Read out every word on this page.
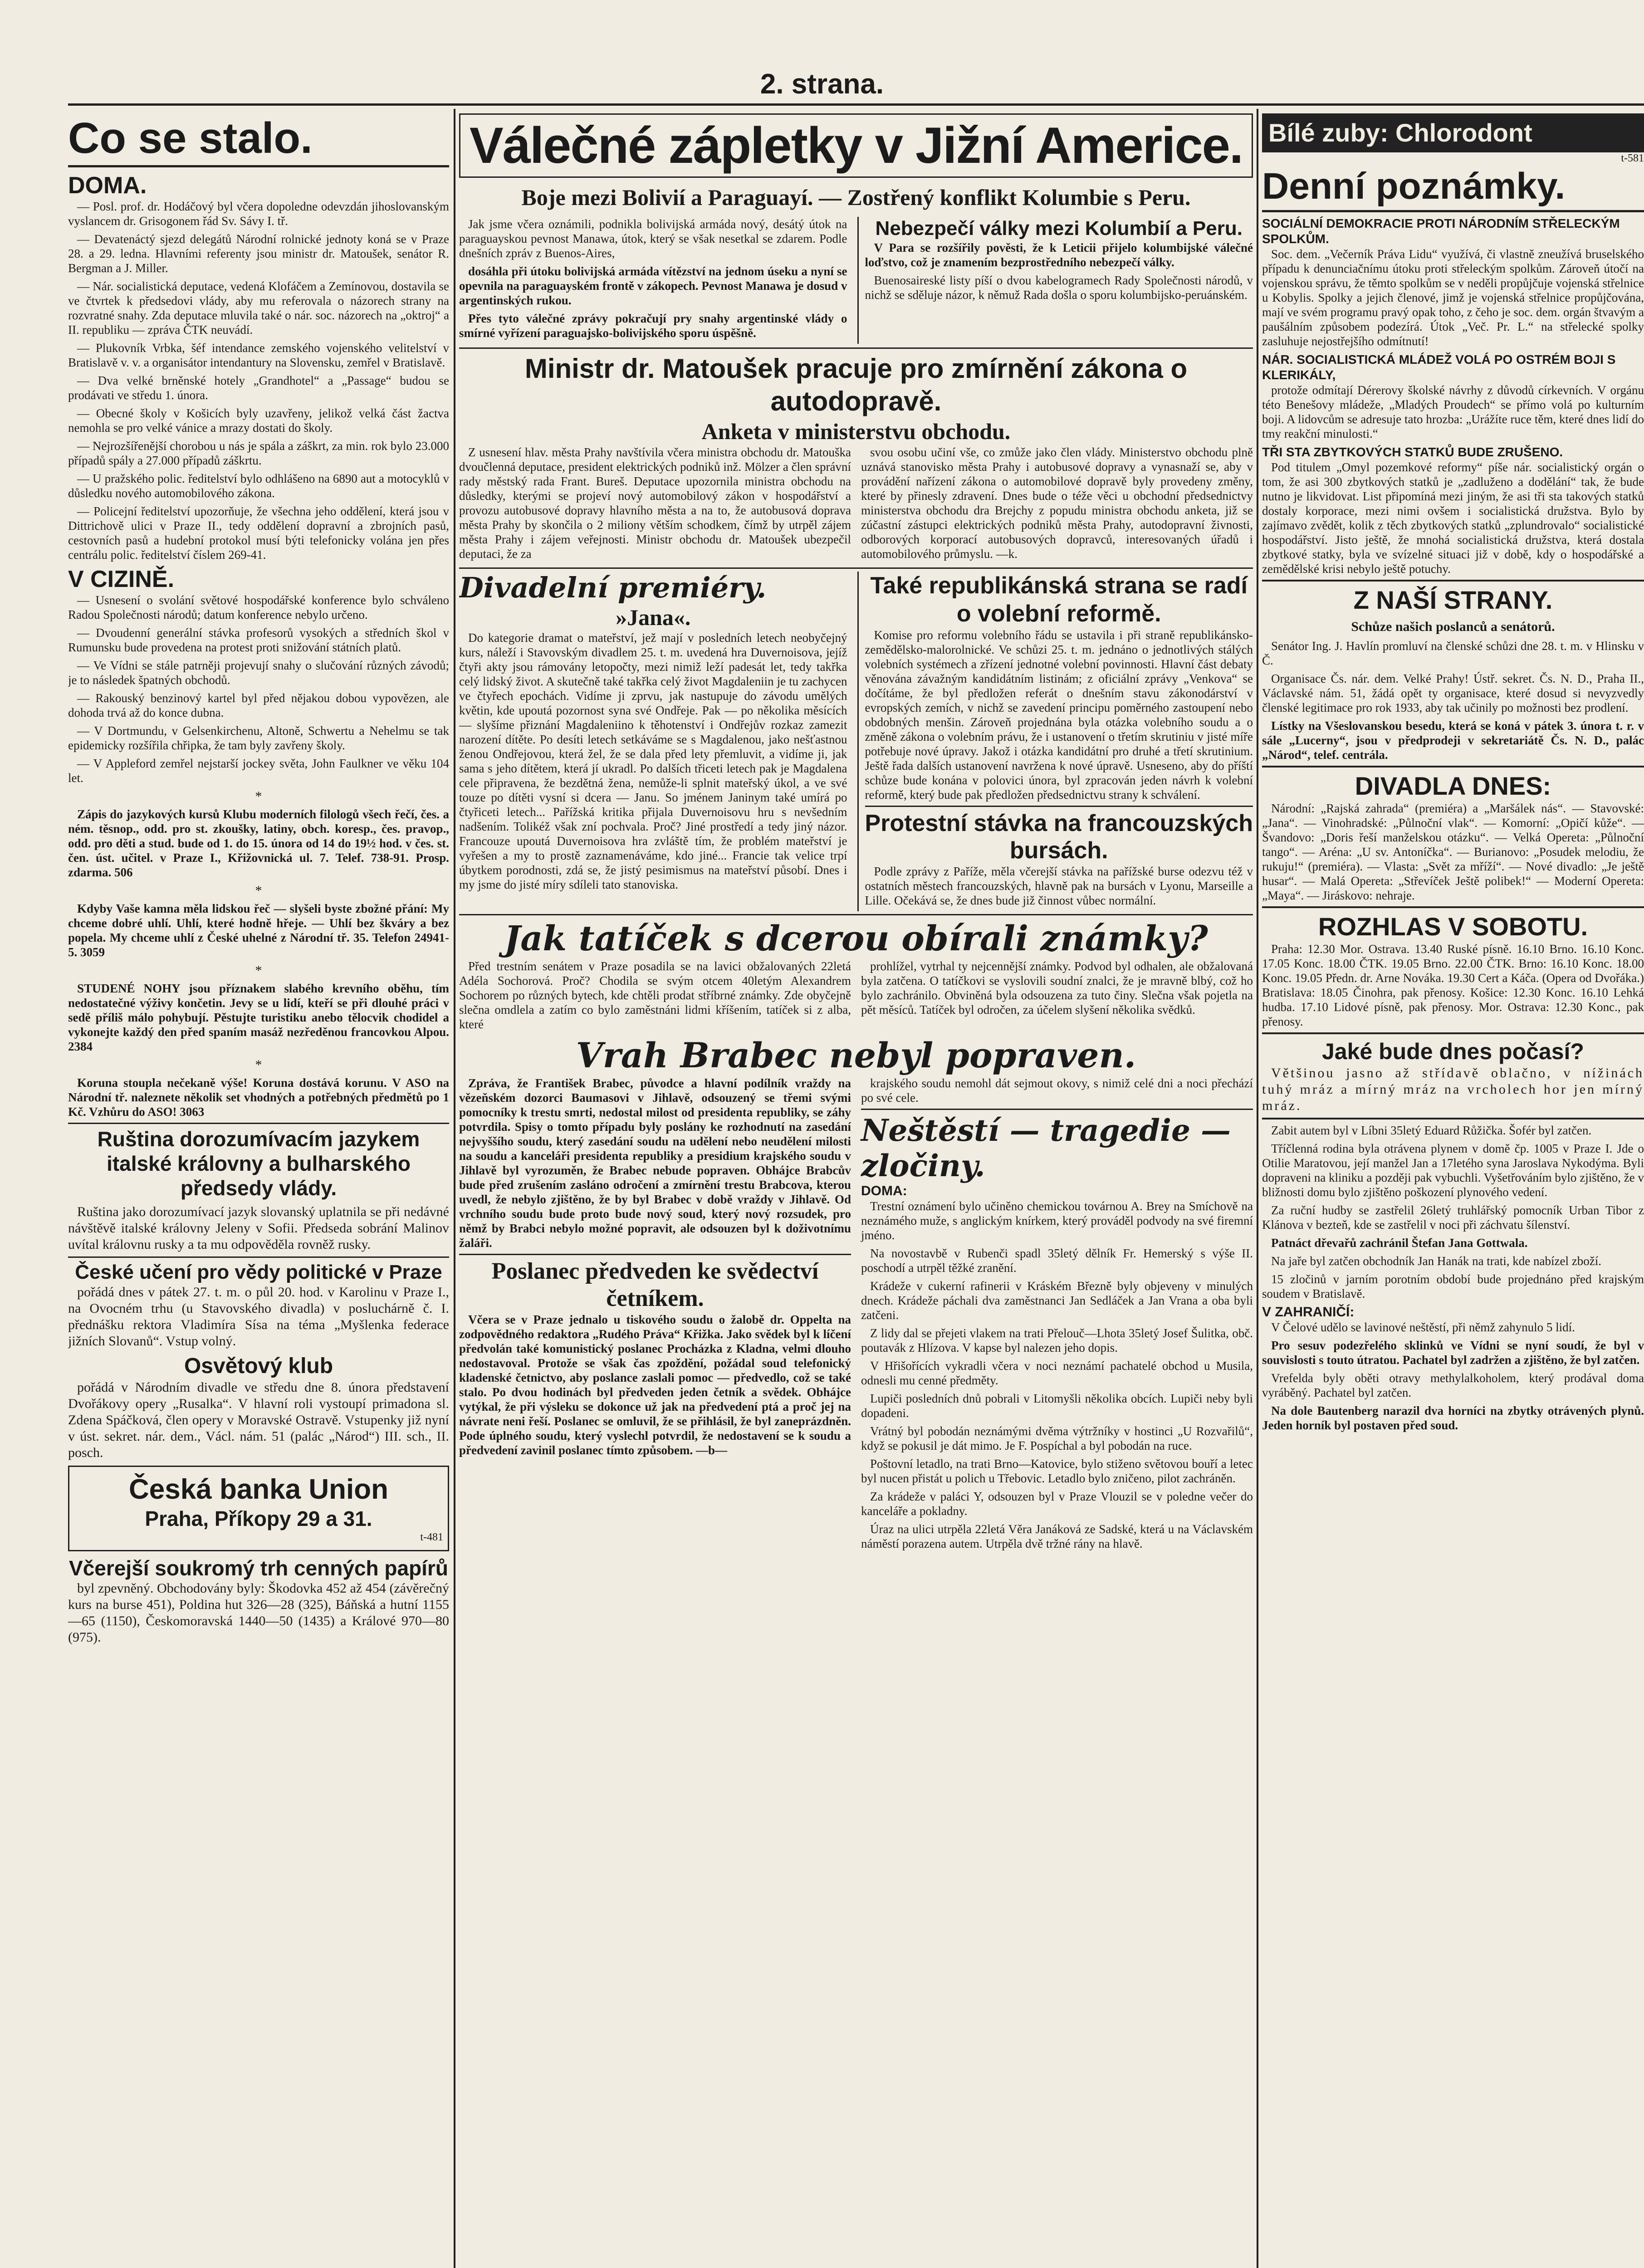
2. strana.
Co se stalo.
DOMA.

— Posl. prof. dr. Hodáčový byl včera dopoledne odevzdán jihoslovanským vyslancem dr. Grisogonem řád Sv. Sávy I. tř.

— Devatenáctý sjezd delegátů Národní rolnické jednoty koná se v Praze 28. a 29. ledna. Hlavními referenty jsou ministr dr. Matoušek, senátor R. Bergman a J. Miller.

— Nár. socialistická deputace, vedená Klofáčem a Zemínovou, dostavila se ve čtvrtek k předsedovi vlády, aby mu referovala o názorech strany na rozvratné snahy. Zda deputace mluvila také o nár. soc. názorech na „oktroj“ a II. republiku — zpráva ČTK neuvádí.

— Plukovník Vrbka, šéf intendance zemského vojenského velitelství v Bratislavě v. v. a organisátor intendantury na Slovensku, zemřel v Bratislavě.

— Dva velké brněnské hotely „Grandhotel“ a „Passage“ budou se prodávati ve středu 1. února.

— Obecné školy v Košicích byly uzavřeny, jelikož velká část žactva nemohla se pro velké vánice a mrazy dostati do školy.

— Nejrozšířenější chorobou u nás je spála a záškrt, za min. rok bylo 23.000 případů spály a 27.000 případů záškrtu.

— U pražského polic. ředitelství bylo odhlášeno na 6890 aut a motocyklů v důsledku nového automobilového zákona.

— Policejní ředitelství upozorňuje, že všechna jeho oddělení, která jsou v Dittrichově ulici v Praze II., tedy oddělení dopravní a zbrojních pasů, cestovních pasů a hudební protokol musí býti telefonicky volána jen přes centrálu polic. ředitelství číslem 269-41.

V CIZINĚ.

— Usnesení o svolání světové hospodářské konference bylo schváleno Radou Společnosti národů; datum konference nebylo určeno.

— Dvoudenní generální stávka profesorů vysokých a středních škol v Rumunsku bude provedena na protest proti snižování státních platů.

— Ve Vídni se stále patrněji projevují snahy o slučování různých závodů; je to následek špatných obchodů.

— Rakouský benzinový kartel byl před nějakou dobou vypovězen, ale dohoda trvá až do konce dubna.

— V Dortmundu, v Gelsenkirchenu, Altoně, Schwertu a Nehelmu se tak epidemicky rozšířila chřipka, že tam byly zavřeny školy.

— V Appleford zemřel nejstarší jockey světa, John Faulkner ve věku 104 let.

*

Zápis do jazykových kursů Klubu moderních filologů všech řečí, čes. a ném. těsnop., odd. pro st. zkoušky, latiny, obch. koresp., čes. pravop., odd. pro děti a stud. bude od 1. do 15. února od 14 do 19½ hod. v čes. st. čen. úst. učitel. v Praze I., Křižovnická ul. 7. Telef. 738-91. Prosp. zdarma. 506

*

Kdyby Vaše kamna měla lidskou řeč — slyšeli byste zbožné přání: My chceme dobré uhlí. Uhlí, které hodně hřeje. — Uhlí bez škváry a bez popela. My chceme uhlí z České uhelné z Národní tř. 35. Telefon 24941-5. 3059

*

STUDENÉ NOHY jsou příznakem slabého krevního oběhu, tím nedostatečné výživy končetin. Jevy se u lidí, kteří se při dlouhé práci v sedě příliš málo pohybují. Pěstujte turistiku anebo tělocvik chodidel a vykonejte každý den před spaním masáž nezředěnou francovkou Alpou. 2384

*

Koruna stoupla nečekaně výše! Koruna dostává korunu. V ASO na Národní tř. naleznete několik set vhodných a potřebných předmětů po 1 Kč. Vzhůru do ASO! 3063

Ruština dorozumívacím jazykem italské královny a bulharského předsedy vlády.

Ruština jako dorozumívací jazyk slovanský uplatnila se při nedávné návštěvě italské královny Jeleny v Sofii. Předseda sobrání Malinov uvítal královnu rusky a ta mu odpověděla rovněž rusky.

České učení pro vědy politické v Praze

pořádá dnes v pátek 27. t. m. o půl 20. hod. v Karolinu v Praze I., na Ovocném trhu (u Stavovského divadla) v posluchárně č. I. přednášku rektora Vladimíra Sísa na téma „Myšlenka federace jižních Slovanů“. Vstup volný.

Osvětový klub

pořádá v Národním divadle ve středu dne 8. února představení Dvořákovy opery „Rusalka“. V hlavní roli vystoupí primadona sl. Zdena Spáčková, člen opery v Moravské Ostravě. Vstupenky již nyní v úst. sekret. nár. dem., Václ. nám. 51 (palác „Národ“) III. sch., II. posch.

Česká banka Union
Praha, Příkopy 29 a 31.
t-481
Včerejší soukromý trh cenných papírů

byl zpevněný. Obchodovány byly: Škodovka 452 až 454 (závěrečný kurs na burse 451), Poldina hut 326—28 (325), Báňská a hutní 1155—65 (1150), Českomoravská 1440—50 (1435) a Králové 970—80 (975).

Válečné zápletky v Jižní Americe.
Boje mezi Bolivií a Paraguayí. — Zostřený konflikt Kolumbie s Peru.

Jak jsme včera oznámili, podnikla bolivijská armáda nový, desátý útok na paraguayskou pevnost Manawa, útok, který se však nesetkal se zdarem. Podle dnešních zpráv z Buenos-Aires,

dosáhla při útoku bolivijská armáda vítězství na jednom úseku a nyní se opevnila na paraguayském frontě v zákopech. Pevnost Manawa je dosud v argentinských rukou.

Přes tyto válečné zprávy pokračují pry snahy argentinské vlády o smírné vyřízení paraguajsko-bolivijského sporu úspěšně.

Nebezpečí války mezi Kolumbií a Peru.

V Para se rozšířily pověsti, že k Leticii přijelo kolumbijské válečné loďstvo, což je znamením bezprostředního nebezpečí války.

Buenosaireské listy píší o dvou kabelogramech Rady Společnosti národů, v nichž se sděluje názor, k němuž Rada došla o sporu kolumbijsko-peruánském.

Ministr dr. Matoušek pracuje pro zmírnění zákona o autodopravě.
Anketa v ministerstvu obchodu.

Z usnesení hlav. města Prahy navštívila včera ministra obchodu dr. Matouška dvoučlenná deputace, president elektrických podniků inž. Mölzer a člen správní rady městský rada Frant. Bureš. Deputace upozornila ministra obchodu na důsledky, kterými se projeví nový automobilový zákon v hospodářství a provozu autobusové dopravy hlavního města a na to, že autobusová doprava města Prahy by skončila o 2 miliony větším schodkem, čímž by utrpěl zájem města Prahy i zájem veřejnosti. Ministr obchodu dr. Matoušek ubezpečil deputaci, že za

svou osobu učiní vše, co zmůže jako člen vlády. Ministerstvo obchodu plně uznává stanovisko města Prahy i autobusové dopravy a vynasnaží se, aby v provádění nařízení zákona o automobilové dopravě byly provedeny změny, které by přinesly zdravení. Dnes bude o téže věci u obchodní předsednictvy ministerstva obchodu dra Brejchy z popudu ministra obchodu anketa, již se zúčastní zástupci elektrických podniků města Prahy, autodopravní živnosti, odborových korporací autobusových dopravců, interesovaných úřadů i automobilového průmyslu. —k.

Divadelní premiéry.
»Jana«.

Do kategorie dramat o mateřství, jež mají v posledních letech neobyčejný kurs, náleží i Stavovským divadlem 25. t. m. uvedená hra Duvernoisova, jejíž čtyři akty jsou rámovány letopočty, mezi nimiž leží padesát let, tedy takřka celý lidský život. A skutečně také takřka celý život Magdaleniin je tu zachycen ve čtyřech epochách. Vidíme ji zprvu, jak nastupuje do závodu umělých květin, kde upoutá pozornost syna své Ondřeje. Pak — po několika měsících — slyšíme přiznání Magdaleniino k těhotenství i Ondřejův rozkaz zamezit narození dítěte. Po desíti letech setkáváme se s Magdalenou, jako nešťastnou ženou Ondřejovou, která žel, že se dala před lety přemluvit, a vidíme ji, jak sama s jeho dítětem, která jí ukradl. Po dalších třiceti letech pak je Magdalena cele připravena, že bezdětná žena, nemůže-li splnit mateřský úkol, a ve své touze po dítěti vysní si dcera — Janu. So jménem Janinym také umírá po čtyřiceti letech... Pařížská kritika přijala Duvernoisovu hru s nevšedním nadšením. Tolikéž však zní pochvala. Proč? Jiné prostředí a tedy jiný názor. Francouze upoutá Duvernoisova hra zvláště tím, že problém mateřství je vyřešen a my to prostě zaznamenáváme, kdo jiné... Francie tak velice trpí úbytkem porodnosti, zdá se, že jistý pesimismus na mateřství působí. Dnes i my jsme do jisté míry sdíleli tato stanoviska.

Také republikánská strana se radí o volební reformě.

Komise pro reformu volebního řádu se ustavila i při straně republikánsko-zemědělsko-malorolnické. Ve schůzi 25. t. m. jednáno o jednotlivých stálých volebních systémech a zřízení jednotné volební povinnosti. Hlavní část debaty věnována závažným kandidátním listinám; z oficiální zprávy „Venkova“ se dočítáme, že byl předložen referát o dnešním stavu zákonodárství v evropských zemích, v nichž se zavedení principu poměrného zastoupení nebo obdobných menšin. Zároveň projednána byla otázka volebního soudu a o změně zákona o volebním právu, že i ustanovení o třetím skrutiniu v jisté míře potřebuje nové úpravy. Jakož i otázka kandidátní pro druhé a třetí skrutinium. Ještě řada dalších ustanovení navržena k nové úpravě. Usneseno, aby do příští schůze bude konána v polovici února, byl zpracován jeden návrh k volební reformě, který bude pak předložen předsednictvu strany k schválení.

Protestní stávka na francouzských bursách.

Podle zprávy z Paříže, měla včerejší stávka na pařížské burse odezvu též v ostatních městech francouzských, hlavně pak na bursách v Lyonu, Marseille a Lille. Očekává se, že dnes bude již činnost vůbec normální.

Jak tatíček s dcerou obírali známky?

Před trestním senátem v Praze posadila se na lavici obžalovaných 22letá Adéla Sochorová. Proč? Chodila se svým otcem 40letým Alexandrem Sochorem po různých bytech, kde chtěli prodat stříbrné známky. Zde obyčejně slečna omdlela a zatím co bylo zaměstnáni lidmi kříšením, tatíček si z alba, které

prohlížel, vytrhal ty nejcennější známky. Podvod byl odhalen, ale obžalovaná byla zatčena. O tatíčkovi se vyslovili soudní znalci, že je mravně blbý, což ho bylo zachránilo. Obviněná byla odsouzena za tuto činy. Slečna však pojetla na pět měsíců. Tatíček byl odročen, za účelem slyšení několika svědků.

Vrah Brabec nebyl popraven.

Zpráva, že František Brabec, původce a hlavní podílník vraždy na vězeňském dozorci Baumasovi v Jihlavě, odsouzený se třemi svými pomocníky k trestu smrti, nedostal milost od presidenta republiky, se záhy potvrdila. Spisy o tomto případu byly poslány ke rozhodnutí na zasedání nejvyššího soudu, který zasedání soudu na udělení nebo neudělení milosti na soudu a kanceláři presidenta republiky a presidium krajského soudu v Jihlavě byl vyrozuměn, že Brabec nebude popraven. Obhájce Brabcův bude před zrušením zasláno odročení a zmírnění trestu Brabcova, kterou uvedl, že nebylo zjištěno, že by byl Brabec v době vraždy v Jihlavě. Od vrchního soudu bude proto bude nový soud, který nový rozsudek, pro němž by Brabci nebylo možné popravit, ale odsouzen byl k doživotnímu žaláři.

Poslanec předveden ke svědectví četníkem.

Včera se v Praze jednalo u tiskového soudu o žalobě dr. Oppelta na zodpovědného redaktora „Rudého Práva“ Křižka. Jako svědek byl k líčení předvolán také komunistický poslanec Procházka z Kladna, velmi dlouho nedostavoval. Protože se však čas zpoždění, požádal soud telefonický kladenské četnictvo, aby poslance zaslali pomoc — předvedlo, což se také stalo. Po dvou hodinách byl předveden jeden četník a svědek. Obhájce vytýkal, že při výsleku se dokonce už jak na předvedení ptá a proč jej na návrate neni řeší. Poslanec se omluvil, že se přihlásil, že byl zaneprázdněn. Pode úplného soudu, který vyslechl potvrdil, že nedostavení se k soudu a předvedení zavinil poslanec tímto způsobem. —b—

krajského soudu nemohl dát sejmout okovy, s nimiž celé dni a noci přechází po své cele.

Neštěstí — tragedie — zločiny.
DOMA:

Trestní oznámení bylo učiněno chemickou továrnou A. Brey na Smíchově na neznámého muže, s anglickým knírkem, který prováděl podvody na své firemní jméno.

Na novostavbě v Rubenči spadl 35letý dělník Fr. Hemerský s výše II. poschodí a utrpěl těžké zranění.

Krádeže v cukerní rafinerii v Kráském Březně byly objeveny v minulých dnech. Krádeže páchali dva zaměstnanci Jan Sedláček a Jan Vrana a oba byli zatčeni.

Z lidy dal se přejeti vlakem na trati Přelouč—Lhota 35letý Josef Šulitka, obč. poutavák z Hlízova. V kapse byl nalezen jeho dopis.

V Hřišořících vykradli včera v noci neznámí pachatelé obchod u Musila, odnesli mu cenné předměty.

Lupiči posledních dnů pobrali v Litomyšli několika obcích. Lupiči neby byli dopadeni.

Vrátný byl pobodán neznámými dvěma výtržníky v hostinci „U Rozvařilů“, když se pokusil je dát mimo. Je F. Pospíchal a byl pobodán na ruce.

Poštovní letadlo, na trati Brno—Katovice, bylo stiženo světovou bouří a letec byl nucen přistát u polich u Třebovic. Letadlo bylo zničeno, pilot zachráněn.

Za krádeže v paláci Y, odsouzen byl v Praze Vlouzil se v poledne večer do kanceláře a pokladny.

Úraz na ulici utrpěla 22letá Věra Janáková ze Sadské, která u na Václavském náměstí porazena autem. Utrpěla dvě tržné rány na hlavě.

Bílé zuby: Chlorodont
t-581
Denní poznámky.
SOCIÁLNÍ DEMOKRACIE PROTI NÁRODNÍM STŘELECKÝM SPOLKŮM.

Soc. dem. „Večerník Práva Lidu“ využívá, či vlastně zneužívá bruselského případu k denunciačnímu útoku proti střeleckým spolkům. Zároveň útočí na vojenskou správu, že těmto spolkům se v neděli propůjčuje vojenská střelnice u Kobylis. Spolky a jejich členové, jimž je vojenská střelnice propůjčována, mají ve svém programu pravý opak toho, z čeho je soc. dem. orgán štvavým a paušálním způsobem podezírá. Útok „Več. Pr. L.“ na střelecké spolky zasluhuje nejostřejšího odmítnutí!

NÁR. SOCIALISTICKÁ MLÁDEŽ VOLÁ PO OSTRÉM BOJI S KLERIKÁLY,

protože odmítají Dérerovy školské návrhy z důvodů církevních. V orgánu této Benešovy mládeže, „Mladých Proudech“ se přímo volá po kulturním boji. A lidovcům se adresuje tato hrozba: „Urážíte ruce těm, které dnes lidí do tmy reakční minulosti.“

TŘI STA ZBYTKOVÝCH STATKŮ BUDE ZRUŠENO.

Pod titulem „Omyl pozemkové reformy“ píše nár. socialistický orgán o tom, že asi 300 zbytkových statků je „zadluženo a dodělání“ tak, že bude nutno je likvidovat. List připomíná mezi jiným, že asi tři sta takových statků dostaly korporace, mezi nimi ovšem i socialistická družstva. Bylo by zajímavo zvědět, kolik z těch zbytkových statků „zplundrovalo“ socialistické hospodářství. Jisto ještě, že mnohá socialistická družstva, která dostala zbytkové statky, byla ve svízelné situaci již v době, kdy o hospodářské a zemědělské krisi nebylo ještě potuchy.

Z NAŠÍ STRANY.
Schůze našich poslanců a senátorů.

Senátor Ing. J. Havlín promluví na členské schůzi dne 28. t. m. v Hlinsku v Č.

Organisace Čs. nár. dem. Velké Prahy! Ústř. sekret. Čs. N. D., Praha II., Václavské nám. 51, žádá opět ty organisace, které dosud si nevyzvedly členské legitimace pro rok 1933, aby tak učinily po možnosti bez prodlení.

Lístky na Všeslovanskou besedu, která se koná v pátek 3. února t. r. v sále „Lucerny“, jsou v předprodeji v sekretariátě Čs. N. D., palác „Národ“, telef. centrála.

DIVADLA DNES:

Národní: „Rajská zahrada“ (premiéra) a „Maršálek nás“. — Stavovské: „Jana“. — Vinohradské: „Půlnoční vlak“. — Komorní: „Opičí kůže“. — Švandovo: „Doris řeší manželskou otázku“. — Velká Opereta: „Půlnoční tango“. — Aréna: „U sv. Antoníčka“. — Burianovo: „Posudek melodiu, že rukuju!“ (premiéra). — Vlasta: „Svět za mříží“. — Nové divadlo: „Je ještě husar“. — Malá Opereta: „Střevíček Ještě polibek!“ — Moderní Opereta: „Maya“. — Jiráskovo: nehraje.

ROZHLAS V SOBOTU.

Praha: 12.30 Mor. Ostrava. 13.40 Ruské písně. 16.10 Brno. 16.10 Konc. 17.05 Konc. 18.00 ČTK. 19.05 Brno. 22.00 ČTK. Brno: 16.10 Konc. 18.00 Konc. 19.05 Předn. dr. Arne Nováka. 19.30 Cert a Káča. (Opera od Dvořáka.) Bratislava: 18.05 Činohra, pak přenosy. Košice: 12.30 Konc. 16.10 Lehká hudba. 17.10 Lidové písně, pak přenosy. Mor. Ostrava: 12.30 Konc., pak přenosy.

Jaké bude dnes počasí?

Většinou jasno až střídavě oblačno, v nížinách tuhý mráz a mírný mráz na vrcholech hor jen mírný mráz.

Zabit autem byl v Líbni 35letý Eduard Růžička. Šofér byl zatčen.

Tříčlenná rodina byla otrávena plynem v domě čp. 1005 v Praze I. Jde o Otilie Maratovou, její manžel Jan a 17letého syna Jaroslava Nykodýma. Byli dopraveni na kliniku a později pak vybuchli. Vyšetřováním bylo zjištěno, že v bližnosti domu bylo zjištěno poškození plynového vedení.

Za ruční hudby se zastřelil 26letý truhlářský pomocník Urban Tibor z Klánova v bezteň, kde se zastřelil v noci při záchvatu šílenství.

Patnáct dřevařů zachránil Štefan Jana Gottwala.

Na jaře byl zatčen obchodník Jan Hanák na trati, kde nabízel zboží.

15 zločinů v jarním porotním období bude projednáno před krajským soudem v Bratislavě.

V ZAHRANIČÍ:

V Čelové udělo se lavinové neštěstí, při němž zahynulo 5 lidí.

Pro sesuv podezřelého sklinků ve Vídni se nyní soudí, že byl v souvislosti s touto útratou. Pachatel byl zadržen a zjištěno, že byl zatčen.

Vrefelda byly oběti otravy methylalkoholem, který prodával doma vyráběný. Pachatel byl zatčen.

Na dole Bautenberg narazil dva horníci na zbytky otrávených plynů. Jeden horník byl postaven před soud.
